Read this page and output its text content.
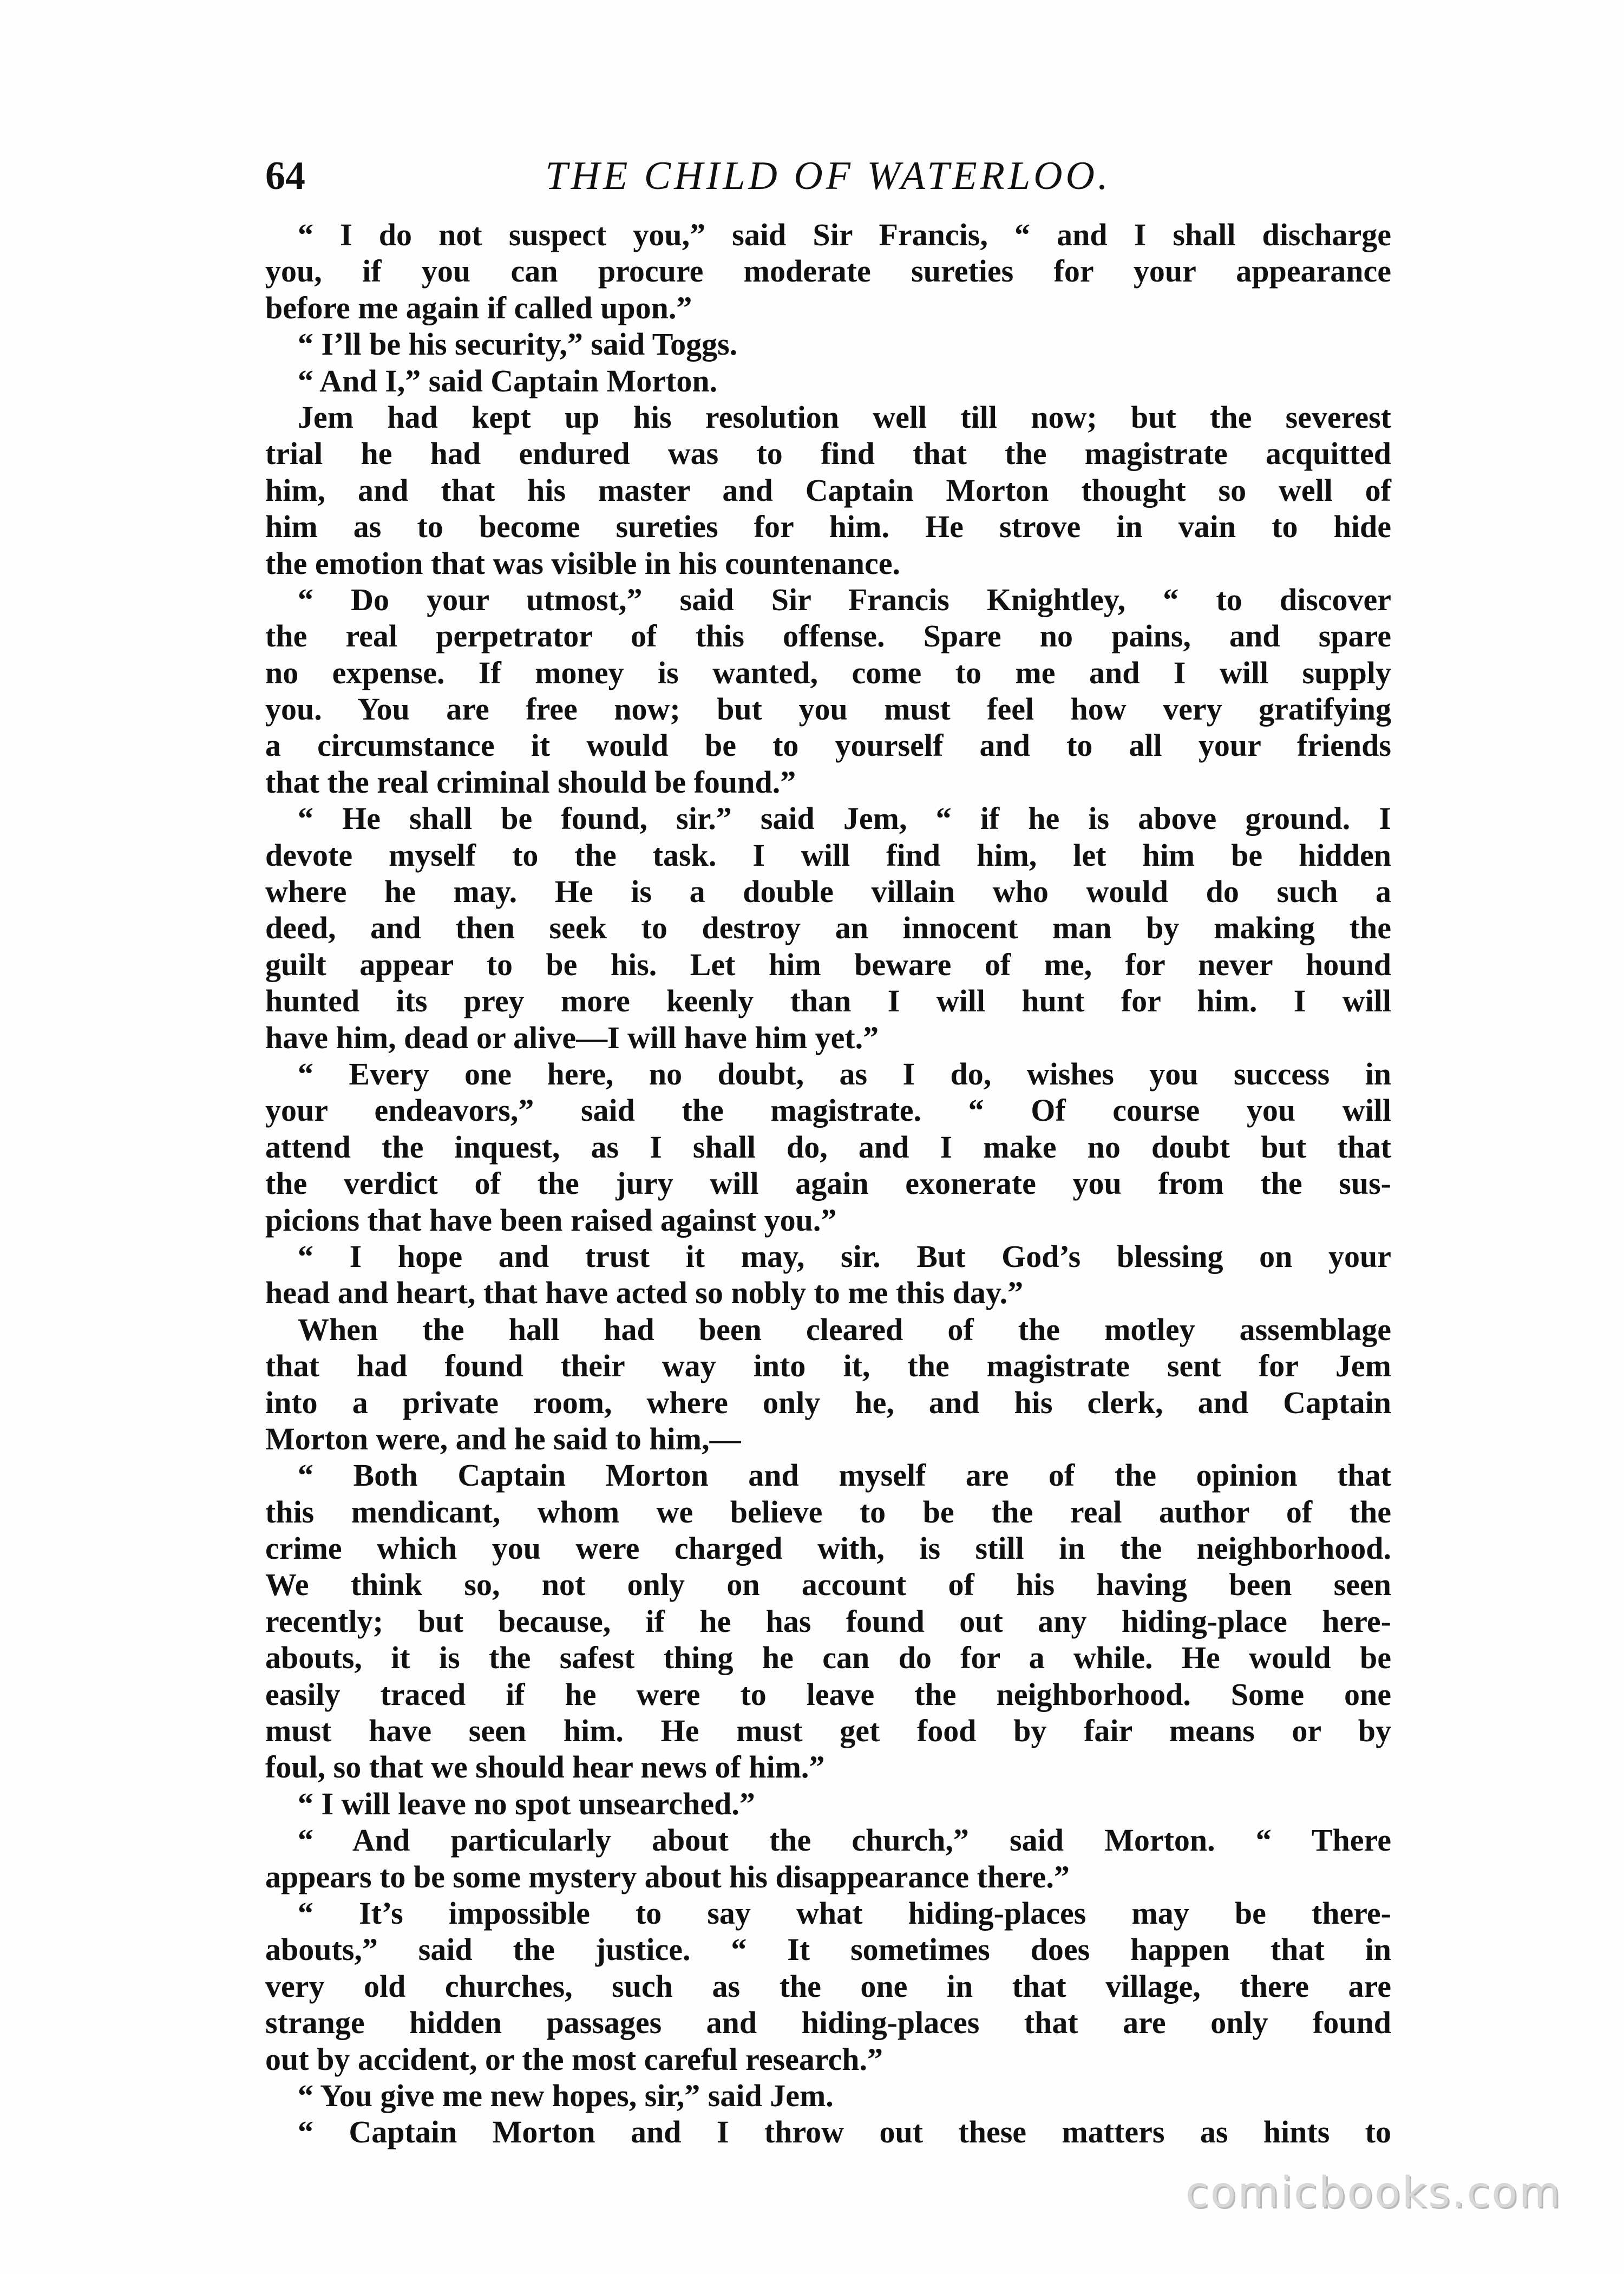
THE CHILD OF WATERLOO.
64
“ I do not suspect you,” said Sir Francis, “ and I shall discharge
you, if you can procure moderate sureties for your appearance
before me again if called upon.”
“ I’ll be his security,” said Toggs.
“ And I,” said Captain Morton.
Jem had kept up his resolution well till now; but the severest
trial he had endured was to find that the magistrate acquitted
him, and that his master and Captain Morton thought so well of
him as to become sureties for him. He strove in vain to hide
the emotion that was visible in his countenance.
“ Do your utmost,” said Sir Francis Knightley, “ to discover
the real perpetrator of this offense. Spare no pains, and spare
no expense. If money is wanted, come to me and I will supply
you. You are free now; but you must feel how very gratifying
a circumstance it would be to yourself and to all your friends
that the real criminal should be found.”
“ He shall be found, sir.” said Jem, “ if he is above ground. I
devote myself to the task. I will find him, let him be hidden
where he may. He is a double villain who would do such a
deed, and then seek to destroy an innocent man by making the
guilt appear to be his. Let him beware of me, for never hound
hunted its prey more keenly than I will hunt for him. I will
have him, dead or alive—I will have him yet.”
“ Every one here, no doubt, as I do, wishes you success in
your endeavors,” said the magistrate. “ Of course you will
attend the inquest, as I shall do, and I make no doubt but that
the verdict of the jury will again exonerate you from the sus-
picions that have been raised against you.”
“ I hope and trust it may, sir. But God’s blessing on your
head and heart, that have acted so nobly to me this day.”
When the hall had been cleared of the motley assemblage
that had found their way into it, the magistrate sent for Jem
into a private room, where only he, and his clerk, and Captain
Morton were, and he said to him,—
“ Both Captain Morton and myself are of the opinion that
this mendicant, whom we believe to be the real author of the
crime which you were charged with, is still in the neighborhood.
We think so, not only on account of his having been seen
recently; but because, if he has found out any hiding-place here-
abouts, it is the safest thing he can do for a while. He would be
easily traced if he were to leave the neighborhood. Some one
must have seen him. He must get food by fair means or by
foul, so that we should hear news of him.”
“ I will leave no spot unsearched.”
“ And particularly about the church,” said Morton. “ There
appears to be some mystery about his disappearance there.”
“ It’s impossible to say what hiding-places may be there-
abouts,” said the justice. “ It sometimes does happen that in
very old churches, such as the one in that village, there are
strange hidden passages and hiding-places that are only found
out by accident, or the most careful research.”
“ You give me new hopes, sir,” said Jem.
“ Captain Morton and I throw out these matters as hints to
comicbooks.com
